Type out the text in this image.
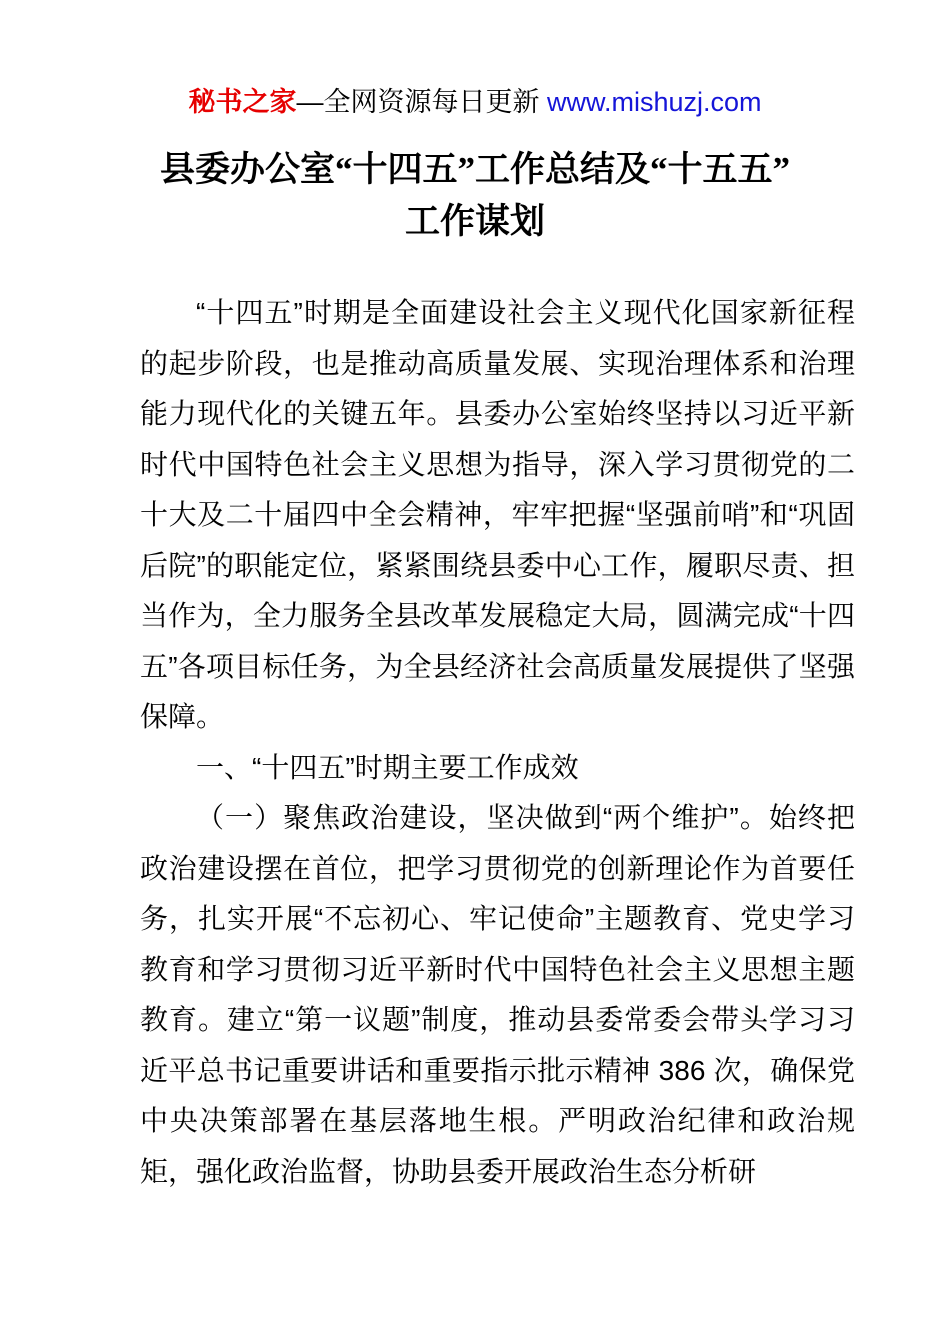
秘书之家—全网资源每日更新 www.mishuzj.com
县委办公室“十四五”工作总结及“十五五”
工作谋划

“十四五”时期是全面建设社会主义现代化国家新征程的起步阶段，也是推动高质量发展、实现治理体系和治理能力现代化的关键五年。县委办公室始终坚持以习近平新时代中国特色社会主义思想为指导，深入学习贯彻党的二十大及二十届四中全会精神，牢牢把握“坚强前哨”和“巩固后院”的职能定位，紧紧围绕县委中心工作，履职尽责、担当作为，全力服务全县改革发展稳定大局，圆满完成“十四五”各项目标任务，为全县经济社会高质量发展提供了坚强保障。

一、“十四五”时期主要工作成效

（一）聚焦政治建设，坚决做到“两个维护”。始终把政治建设摆在首位，把学习贯彻党的创新理论作为首要任务，扎实开展“不忘初心、牢记使命”主题教育、党史学习教育和学习贯彻习近平新时代中国特色社会主义思想主题教育。建立“第一议题”制度，推动县委常委会带头学习习近平总书记重要讲话和重要指示批示精神 386 次，确保党中央决策部署在基层落地生根。严明政治纪律和政治规矩，强化政治监督，协助县委开展政治生态分析研
